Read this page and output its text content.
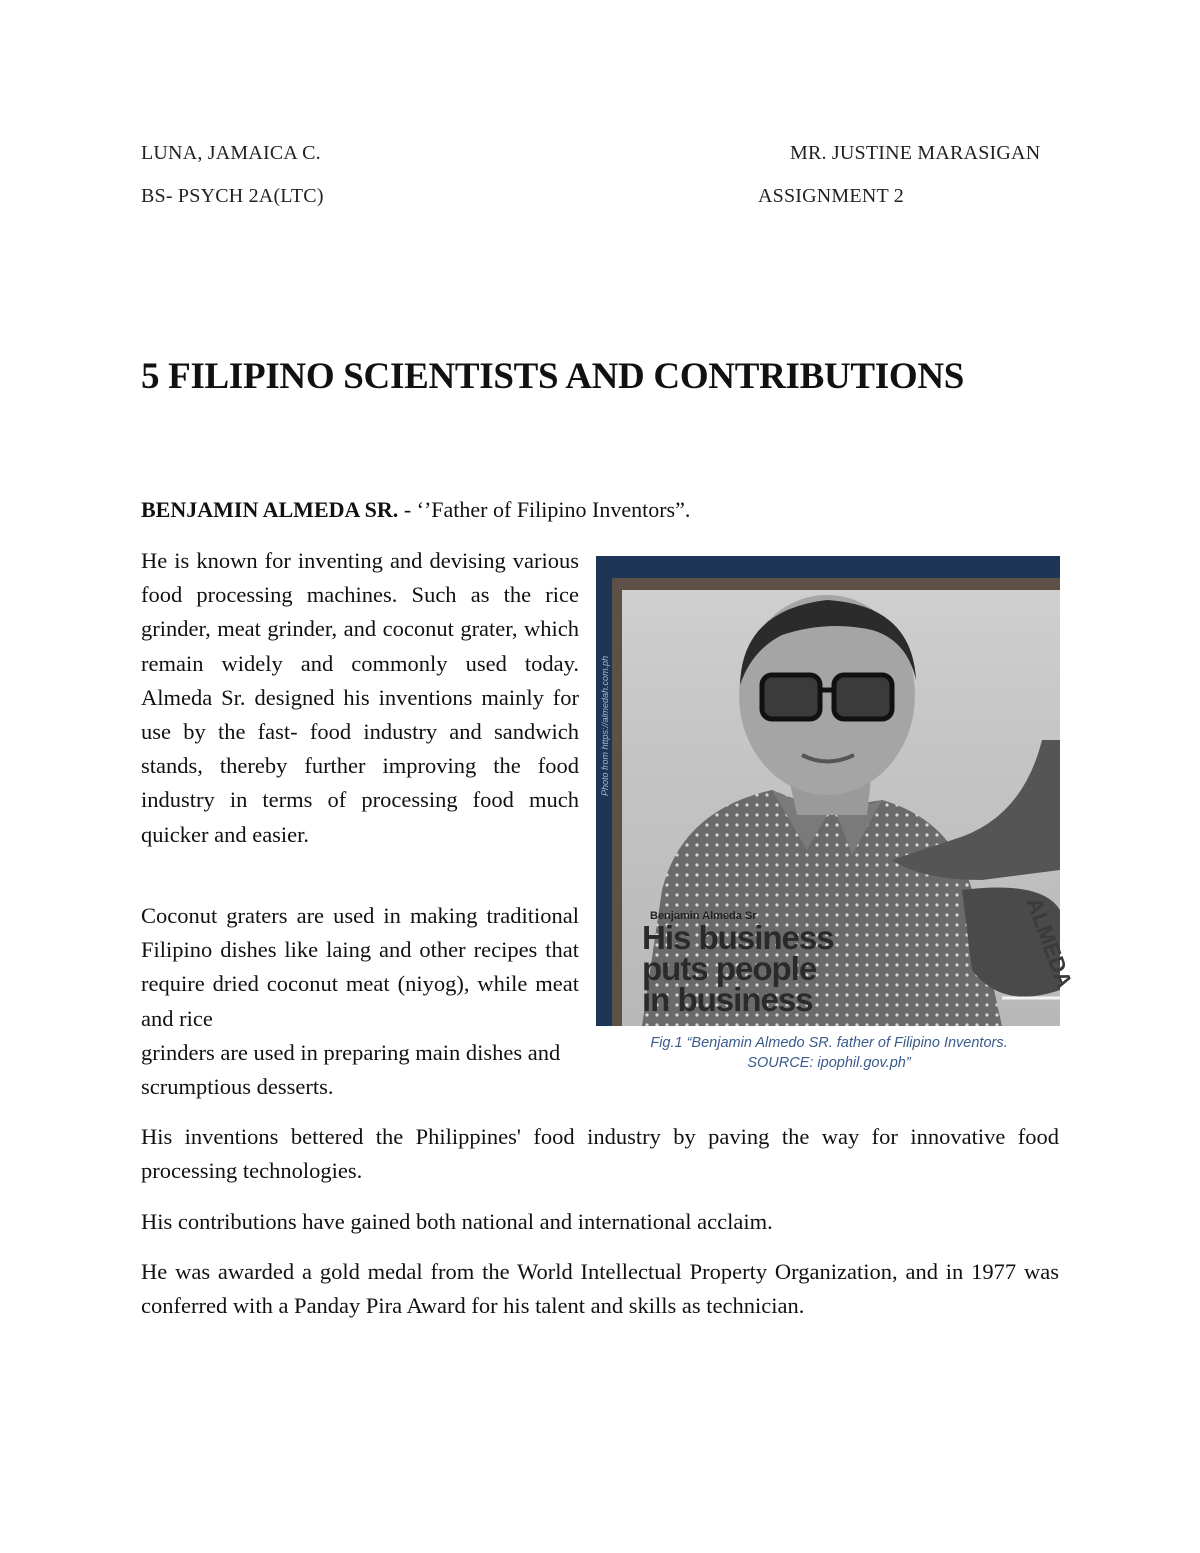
LUNA, JAMAICA C.	MR. JUSTINE MARASIGAN
BS- PSYCH 2A(LTC)	ASSIGNMENT 2
5 FILIPINO SCIENTISTS AND CONTRIBUTIONS
BENJAMIN ALMEDA SR. - ‘’Father of Filipino Inventors”.

He is known for inventing and devising various food processing machines. Such as the rice grinder, meat grinder, and coconut grater, which remain widely and commonly used today. Almeda Sr. designed his inventions mainly for use by the fast- food industry and sandwich stands, thereby further improving the food industry in terms of processing food much quicker and easier.

Coconut graters are used in making traditional Filipino dishes like laing and other recipes that require dried coconut meat (niyog), while meat and rice

grinders are used in preparing main dishes and scrumptious desserts.

His inventions bettered the Philippines' food industry by paving the way for innovative food processing technologies.

His contributions have gained both national and international acclaim.

He was awarded a gold medal from the World Intellectual Property Organization, and in 1977 was conferred with a Panday Pira Award for his talent and skills as technician.

Photo from https://almedah.com.ph
Benjamin Almeda Sr
His business
puts people
in business
ALMEDA
Fig.1 “Benjamin Almedo SR. father of Filipino Inventors.
SOURCE: ipophil.gov.ph”
